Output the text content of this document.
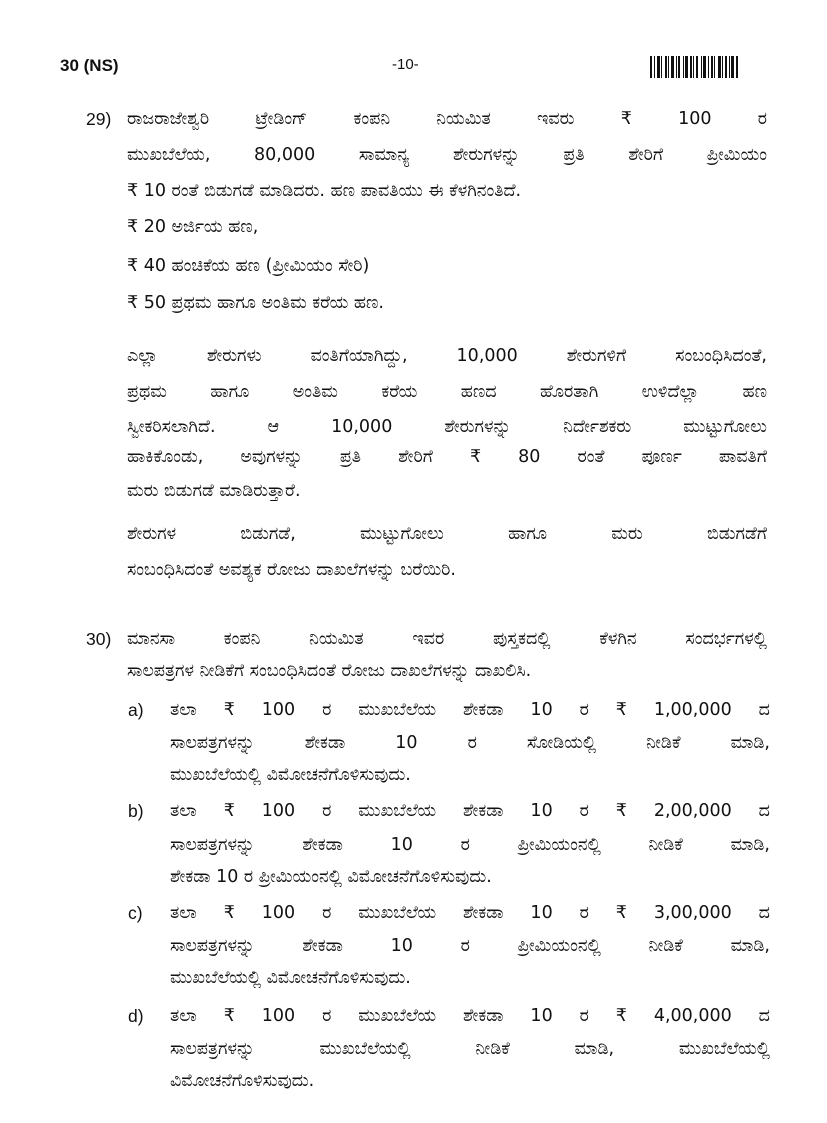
30 (NS)	-10-
29) ರಾಜರಾಜೇಶ್ವರಿ ಟ್ರೇಡಿಂಗ್ ಕಂಪನಿ ನಿಯಮಿತ ಇವರು ₹ 100 ರ
ಮುಖಬೆಲೆಯ, 80,000 ಸಾಮಾನ್ಯ ಶೇರುಗಳನ್ನು ಪ್ರತಿ ಶೇರಿಗೆ ಪ್ರೀಮಿಯಂ
₹ 10 ರಂತೆ ಬಿಡುಗಡೆ ಮಾಡಿದರು. ಹಣ ಪಾವತಿಯು ಈ ಕೆಳಗಿನಂತಿದೆ.
₹ 20 ಅರ್ಜಿಯ ಹಣ,
₹ 40 ಹಂಚಿಕೆಯ ಹಣ (ಪ್ರೀಮಿಯಂ ಸೇರಿ)
₹ 50 ಪ್ರಥಮ ಹಾಗೂ ಅಂತಿಮ ಕರೆಯ ಹಣ.
ಎಲ್ಲಾ ಶೇರುಗಳು ವಂತಿಗೆಯಾಗಿದ್ದು, 10,000 ಶೇರುಗಳಿಗೆ ಸಂಬಂಧಿಸಿದಂತೆ,
ಪ್ರಥಮ ಹಾಗೂ ಅಂತಿಮ ಕರೆಯ ಹಣದ ಹೊರತಾಗಿ ಉಳಿದೆಲ್ಲಾ ಹಣ
ಸ್ವೀಕರಿಸಲಾಗಿದೆ. ಆ 10,000 ಶೇರುಗಳನ್ನು ನಿರ್ದೇಶಕರು ಮುಟ್ಟುಗೋಲು
ಹಾಕಿಕೊಂಡು, ಅವುಗಳನ್ನು ಪ್ರತಿ ಶೇರಿಗೆ ₹ 80 ರಂತೆ ಪೂರ್ಣ ಪಾವತಿಗೆ
ಮರು ಬಿಡುಗಡೆ ಮಾಡಿರುತ್ತಾರೆ.
ಶೇರುಗಳ ಬಿಡುಗಡೆ, ಮುಟ್ಟುಗೋಲು ಹಾಗೂ ಮರು ಬಿಡುಗಡೆಗೆ
ಸಂಬಂಧಿಸಿದಂತೆ ಅವಶ್ಯಕ ರೋಜು ದಾಖಲೆಗಳನ್ನು ಬರೆಯಿರಿ.
30) ಮಾನಸಾ ಕಂಪನಿ ನಿಯಮಿತ ಇವರ ಪುಸ್ತಕದಲ್ಲಿ ಕೆಳಗಿನ ಸಂದರ್ಭಗಳಲ್ಲಿ
ಸಾಲಪತ್ರಗಳ ನೀಡಿಕೆಗೆ ಸಂಬಂಧಿಸಿದಂತೆ ರೋಜು ದಾಖಲೆಗಳನ್ನು ದಾಖಲಿಸಿ.
a) ತಲಾ ₹ 100 ರ ಮುಖಬೆಲೆಯ ಶೇಕಡಾ 10 ರ ₹ 1,00,000 ದ
ಸಾಲಪತ್ರಗಳನ್ನು ಶೇಕಡಾ 10 ರ ಸೋಡಿಯಲ್ಲಿ ನೀಡಿಕೆ ಮಾಡಿ,
ಮುಖಬೆಲೆಯಲ್ಲಿ ವಿಮೋಚನೆಗೊಳಿಸುವುದು.
b) ತಲಾ ₹ 100 ರ ಮುಖಬೆಲೆಯ ಶೇಕಡಾ 10 ರ ₹ 2,00,000 ದ
ಸಾಲಪತ್ರಗಳನ್ನು ಶೇಕಡಾ 10 ರ ಪ್ರೀಮಿಯಂನಲ್ಲಿ ನೀಡಿಕೆ ಮಾಡಿ,
ಶೇಕಡಾ 10 ರ ಪ್ರೀಮಿಯಂನಲ್ಲಿ ವಿಮೋಚನೆಗೊಳಿಸುವುದು.
c) ತಲಾ ₹ 100 ರ ಮುಖಬೆಲೆಯ ಶೇಕಡಾ 10 ರ ₹ 3,00,000 ದ
ಸಾಲಪತ್ರಗಳನ್ನು ಶೇಕಡಾ 10 ರ ಪ್ರೀಮಿಯಂನಲ್ಲಿ ನೀಡಿಕೆ ಮಾಡಿ,
ಮುಖಬೆಲೆಯಲ್ಲಿ ವಿಮೋಚನೆಗೊಳಿಸುವುದು.
d) ತಲಾ ₹ 100 ರ ಮುಖಬೆಲೆಯ ಶೇಕಡಾ 10 ರ ₹ 4,00,000 ದ
ಸಾಲಪತ್ರಗಳನ್ನು ಮುಖಬೆಲೆಯಲ್ಲಿ ನೀಡಿಕೆ ಮಾಡಿ, ಮುಖಬೆಲೆಯಲ್ಲಿ
ವಿಮೋಚನೆಗೊಳಿಸುವುದು.
